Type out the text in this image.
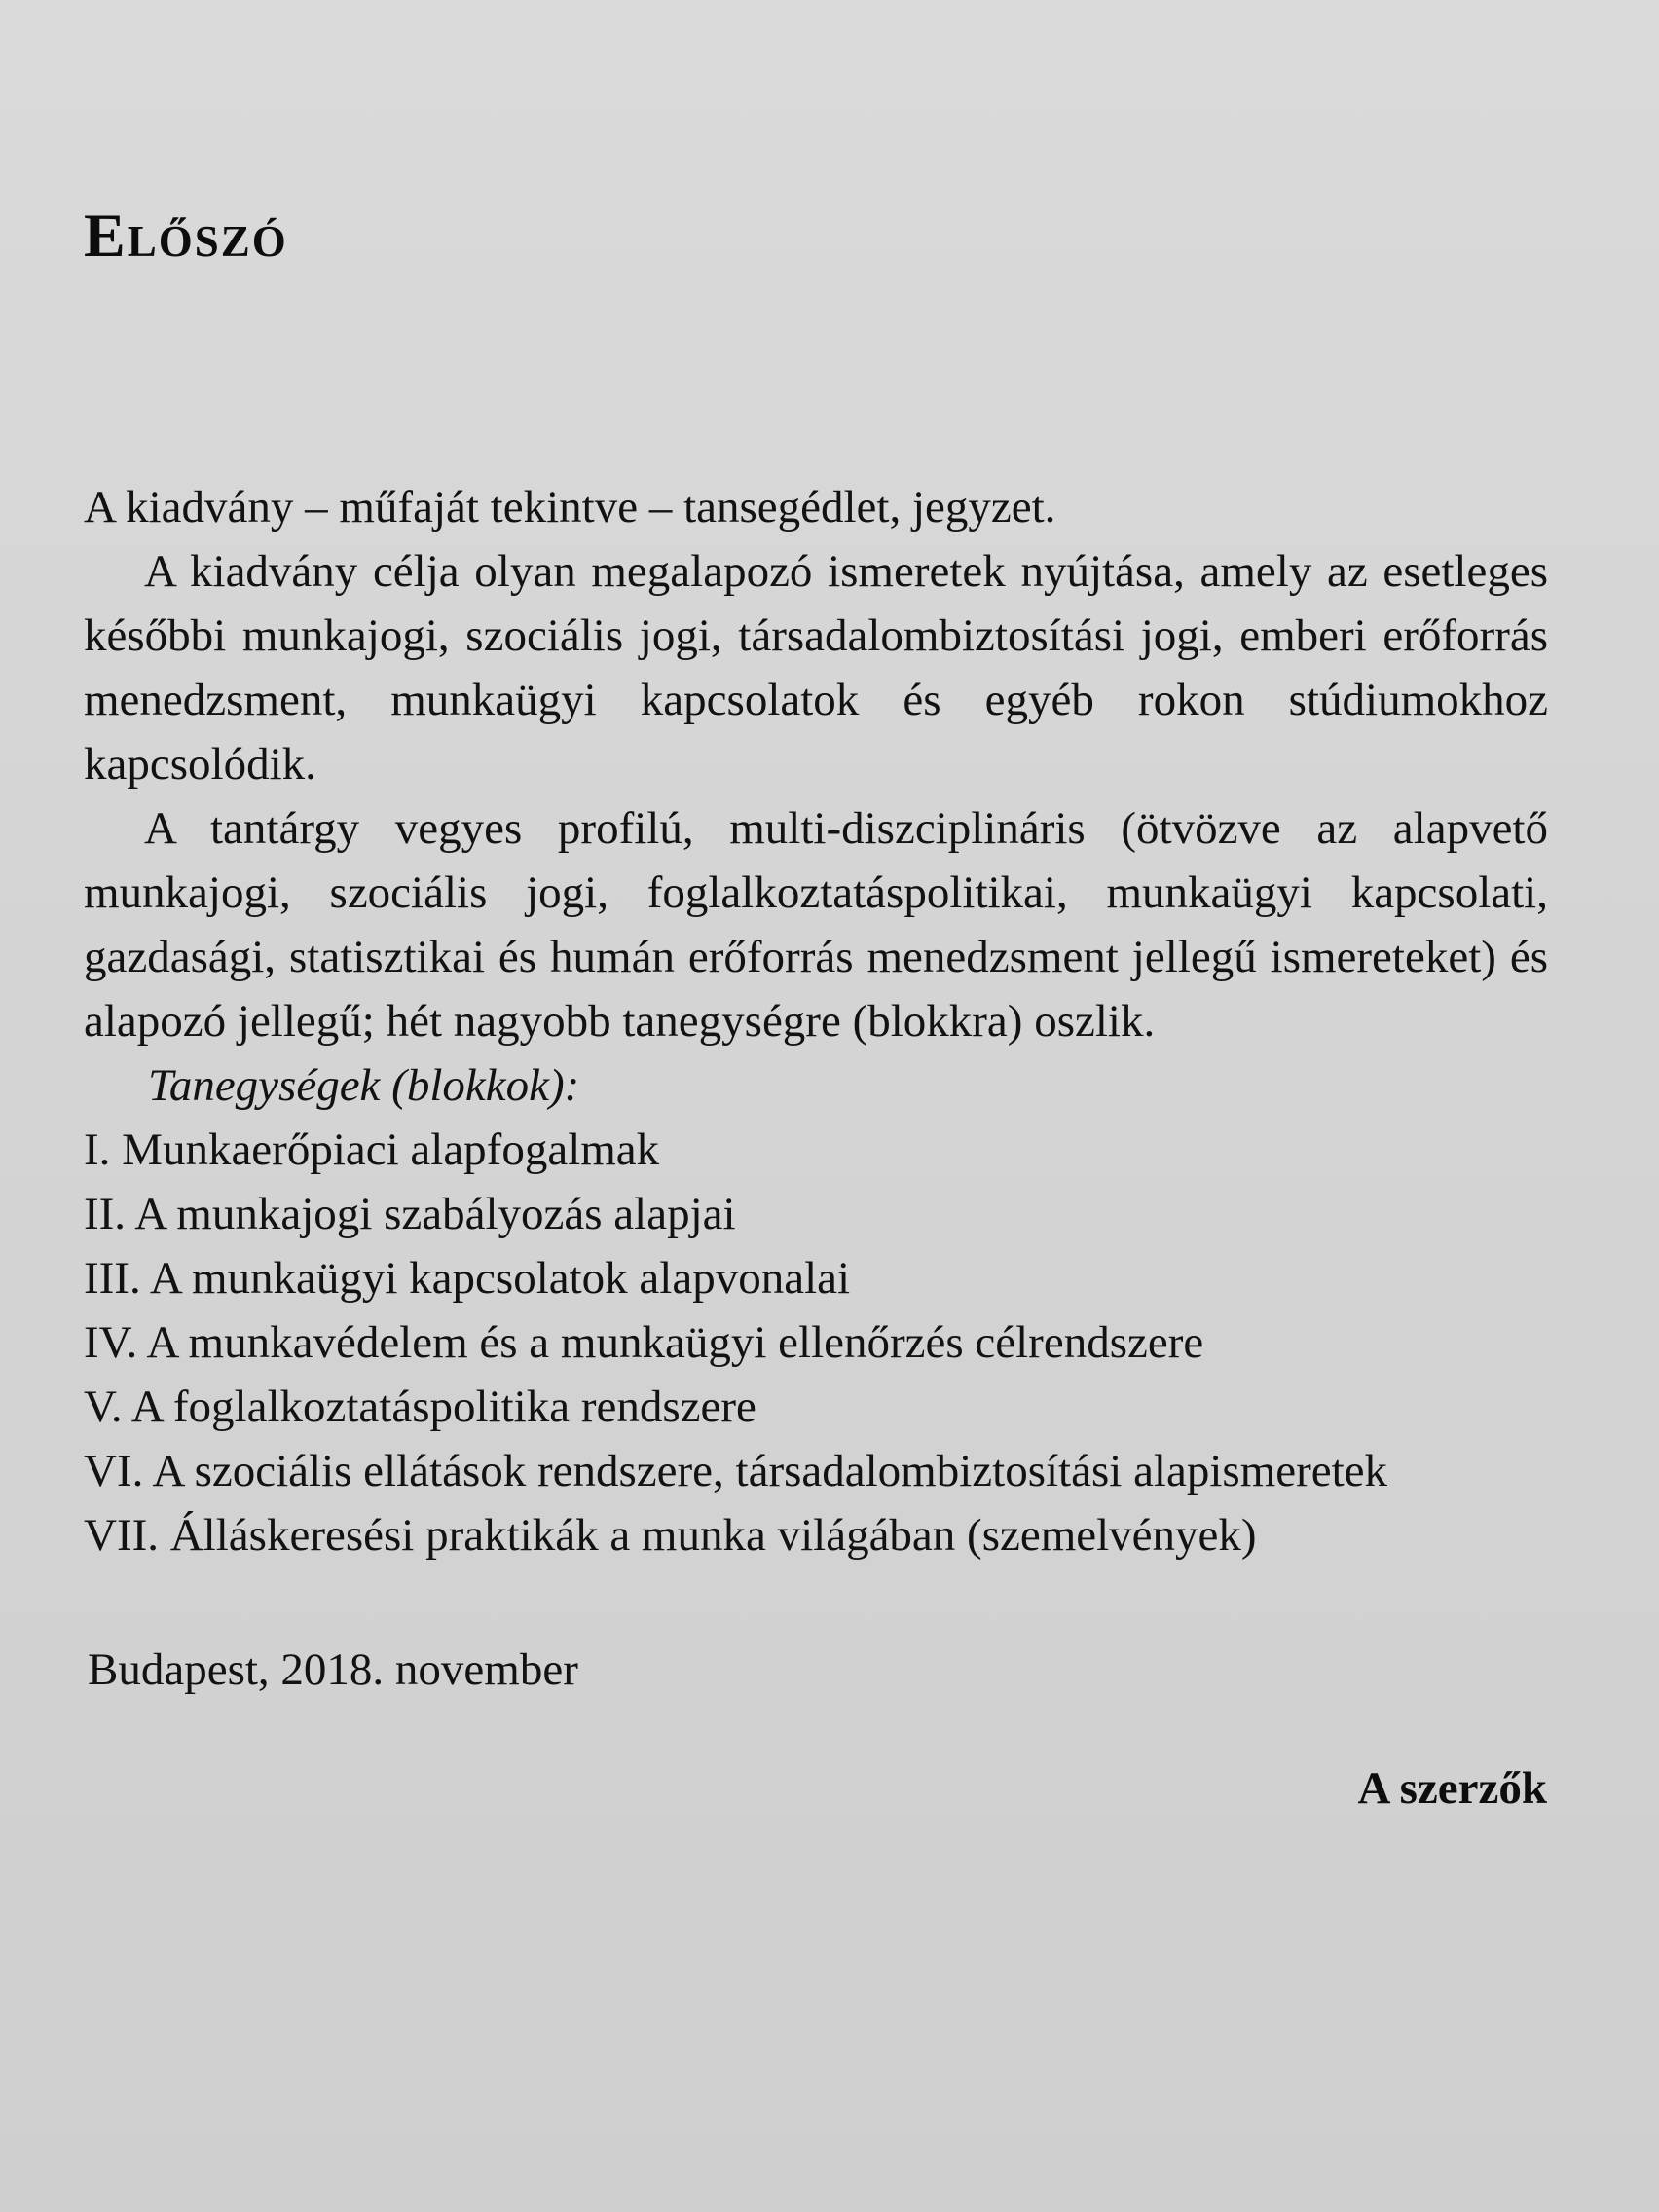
Előszó

A kiadvány – műfaját tekintve – tansegédlet, jegyzet.

A kiadvány célja olyan megalapozó ismeretek nyújtása, amely az esetleges későbbi munkajogi, szociális jogi, társadalombiztosítási jogi, emberi erőforrás menedzsment, munkaügyi kapcsolatok és egyéb rokon stúdiumokhoz kapcsolódik.

A tantárgy vegyes profilú, multi-diszciplináris (ötvözve az alapvető munkajogi, szociális jogi, foglalkoztatáspolitikai, munkaügyi kapcsolati, gazdasági, statisztikai és humán erőforrás menedzsment jellegű ismereteket) és alapozó jellegű; hét nagyobb tanegységre (blokkra) oszlik.

Tanegységek (blokkok):

I. Munkaerőpiaci alapfogalmak
II. A munkajogi szabályozás alapjai
III. A munkaügyi kapcsolatok alapvonalai
IV. A munkavédelem és a munkaügyi ellenőrzés célrendszere
V. A foglalkoztatáspolitika rendszere
VI. A szociális ellátások rendszere, társadalombiztosítási alapismeretek
VII. Álláskeresési praktikák a munka világában (szemelvények)

Budapest, 2018. november

A szerzők
